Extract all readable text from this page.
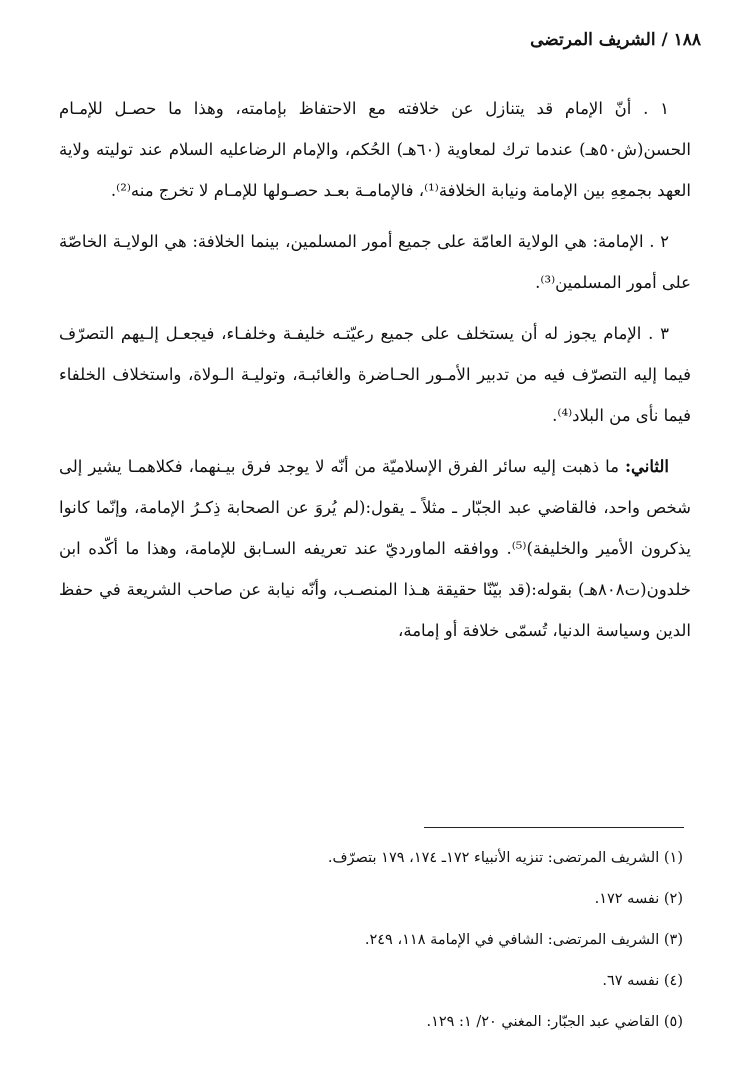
١٨٨ / الشريف المرتضى

١ . أنّ الإمام قد يتنازل عن خلافته مع الاحتفاظ بإمامته، وهذا ما حصـل للإمـام الحسن(ش٥٠هـ) عندما ترك لمعاوية (٦٠هـ) الحُكم، والإمام الرضاعليه السلام عند توليته ولاية العهد بجمعِهِ بين الإمامة ونيابة الخلافة⁽¹⁾، فالإمامـة بعـد حصـولها للإمـام لا تخرج منه⁽²⁾.

٢ . الإمامة: هي الولاية العامّة على جميع أمور المسلمين، بينما الخلافة: هي الولايـة الخاصّة على أمور المسلمين⁽³⁾.

٣ . الإمام يجوز له أن يستخلف على جميع رعيّتـه خليفـة وخلفـاء، فيجعـل إلـيهم التصرّف فيما إليه التصرّف فيه من تدبير الأمـور الحـاضرة والغائبـة، وتوليـة الـولاة، واستخلاف الخلفاء فيما نأى من البلاد⁽⁴⁾.

الثاني: ما ذهبت إليه سائر الفرق الإسلاميّة من أنّه لا يوجد فرق بيـنهما، فكلاهمـا يشير إلى شخص واحد، فالقاضي عبد الجبّار ـ مثلاً ـ يقول:(لم يُروَ عن الصحابة ذِكـرُ الإمامة، وإنّما كانوا يذكرون الأمير والخليفة)⁽⁵⁾. ووافقه الماورديّ عند تعريفه السـابق للإمامة، وهذا ما أكّده ابن خلدون(ت٨٠٨هـ) بقوله:(قد بيّنّا حقيقة هـذا المنصـب، وأنّه نيابة عن صاحب الشريعة في حفظ الدين وسياسة الدنيا، تُسمّى خلافة أو إمامة،

(١) الشريف المرتضى: تنزيه الأنبياء ١٧٢ـ ١٧٤، ١٧٩ بتصرّف.
(٢) نفسه ١٧٢.
(٣) الشريف المرتضى: الشافي في الإمامة ١١٨، ٢٤٩.
(٤) نفسه ٦٧.
(٥) القاضي عبد الجبّار: المغني ٢٠/ ١: ١٢٩.
